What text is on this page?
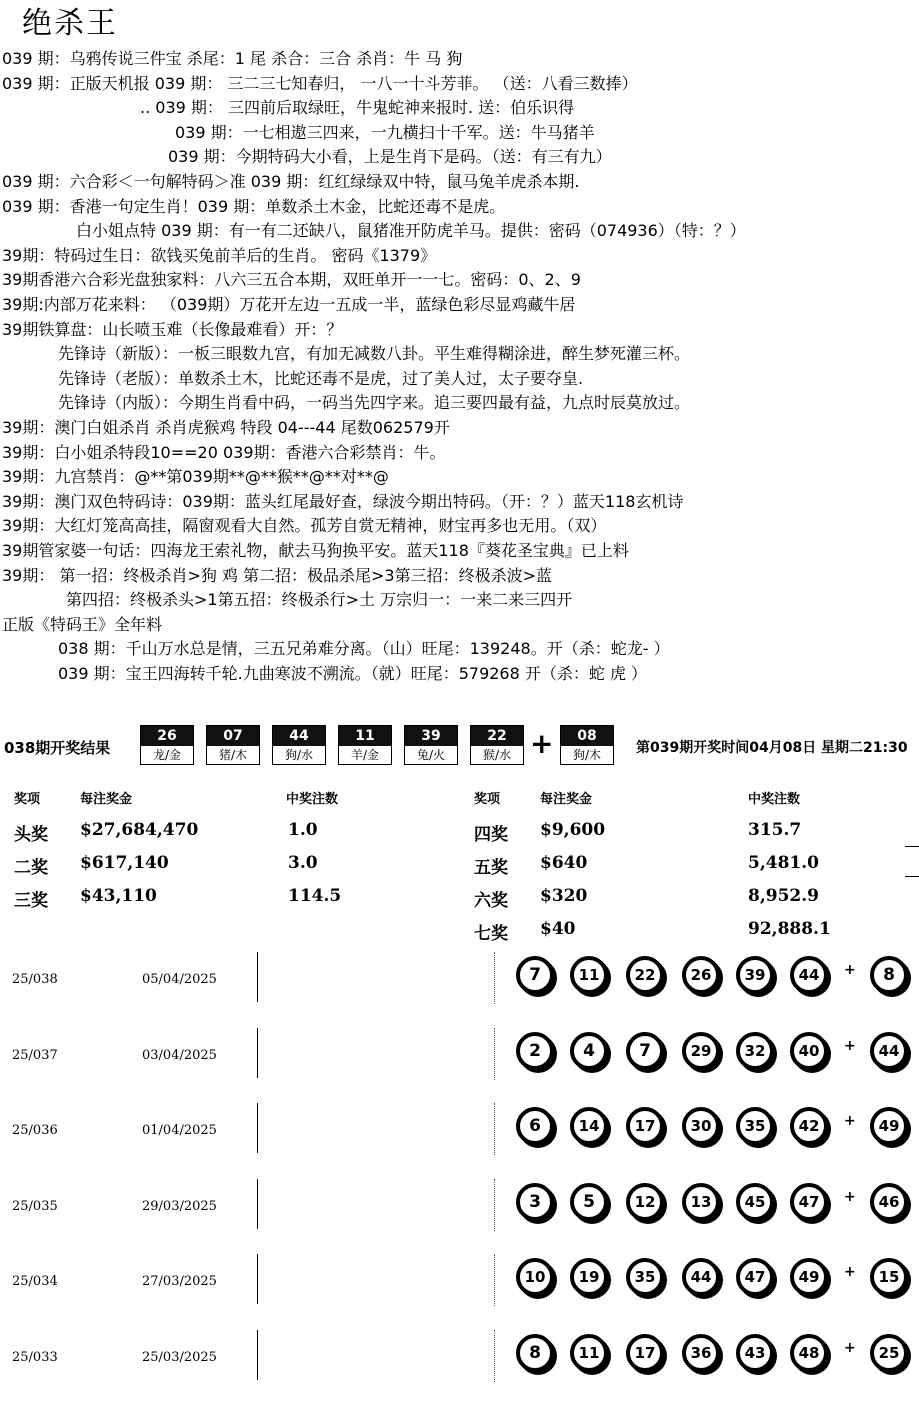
绝杀王
039 期：乌鸦传说三件宝 杀尾：1 尾 杀合：三合 杀肖：牛 马 狗
039 期：正版天机报 039 期： 三二三七知春归， 一八一十斗芳菲。 （送：八看三数捧）
.. 039 期： 三四前后取绿旺，牛鬼蛇神来报时. 送：伯乐识得
039 期：一七相遨三四来，一九横扫十千军。送：牛马猪羊
039 期：今期特码大小看，上是生肖下是码。（送：有三有九）
039 期：六合彩＜一句解特码＞准 039 期：红红绿绿双中特，鼠马兔羊虎杀本期.
039 期：香港一句定生肖！039 期：单数杀土木金，比蛇还毒不是虎。
白小姐点特 039 期：有一有二还缺八，鼠猪准开防虎羊马。提供：密码（074936）（特：？）
39期：特码过生日：欲钱买兔前羊后的生肖。 密码《1379》
39期香港六合彩光盘独家料：八六三五合本期，双旺单开一一七。密码：0、2、9
39期:内部万花来料： （039期）万花开左边一五成一半，蓝绿色彩尽显鸡藏牛居
39期铁算盘：山长喷玉难（长像最难看）开：？
先锋诗（新版）：一板三眼数九宫，有加无减数八卦。平生难得糊涂进，醉生梦死灌三杯。
先锋诗（老版）：单数杀土木，比蛇还毒不是虎，过了美人过，太子要夺皇.
先锋诗（内版）：今期生肖看中码，一码当先四字来。追三要四最有益，九点时辰莫放过。
39期：澳门白姐杀肖 杀肖虎猴鸡 特段 04---44 尾数062579开
39期：白小姐杀特段10==20 039期：香港六合彩禁肖：牛。
39期：九宫禁肖：@**第039期**@**猴**@**对**@
39期：澳门双色特码诗：039期：蓝头红尾最好查，绿波今期出特码。（开：？）蓝天118玄机诗
39期：大红灯笼高高挂，隔窗观看大自然。孤芳自赏无精神，财宝再多也无用。（双）
39期管家婆一句话：四海龙王索礼物，献去马狗换平安。蓝天118『葵花圣宝典』已上料
39期： 第一招：终极杀肖>狗 鸡 第二招：极品杀尾>3第三招：终极杀波>蓝
第四招：终极杀头>1第五招：终极杀行>土 万宗归一：一来二来三四开
正版《特码王》全年料
038 期：千山万水总是情，三五兄弟难分离。（山）旺尾：139248。开（杀：蛇龙- ）
039 期：宝王四海转千轮.九曲寒波不溯流。（就）旺尾：579268 开（杀：蛇 虎 ）
038期开奖结果	+	第039期开奖时间04月08日 星期二21:30
26
龙/金
07
猪/木
44
狗/水
11
羊/金
39
兔/火
22
猴/水
08
狗/木
奖项	每注奖金	中奖注数	奖项	每注奖金	中奖注数
头奖 $27,684,470	1.0
二奖 $617,140	3.0
三奖 $43,110	114.5
四奖 $9,600	315.7
五奖 $640	5,481.0
六奖 $320	8,952.9
七奖 $40	92,888.1
25/038	05/04/2025	7	11	22	26	39	44	+	8
25/037	03/04/2025	2	4	7	29	32	40	+	44
25/036	01/04/2025	6	14	17	30	35	42	+	49
25/035	29/03/2025	3	5	12	13	45	47	+	46
25/034	27/03/2025	10	19	35	44	47	49	+	15
25/033	25/03/2025	8	11	17	36	43	48	+	25
